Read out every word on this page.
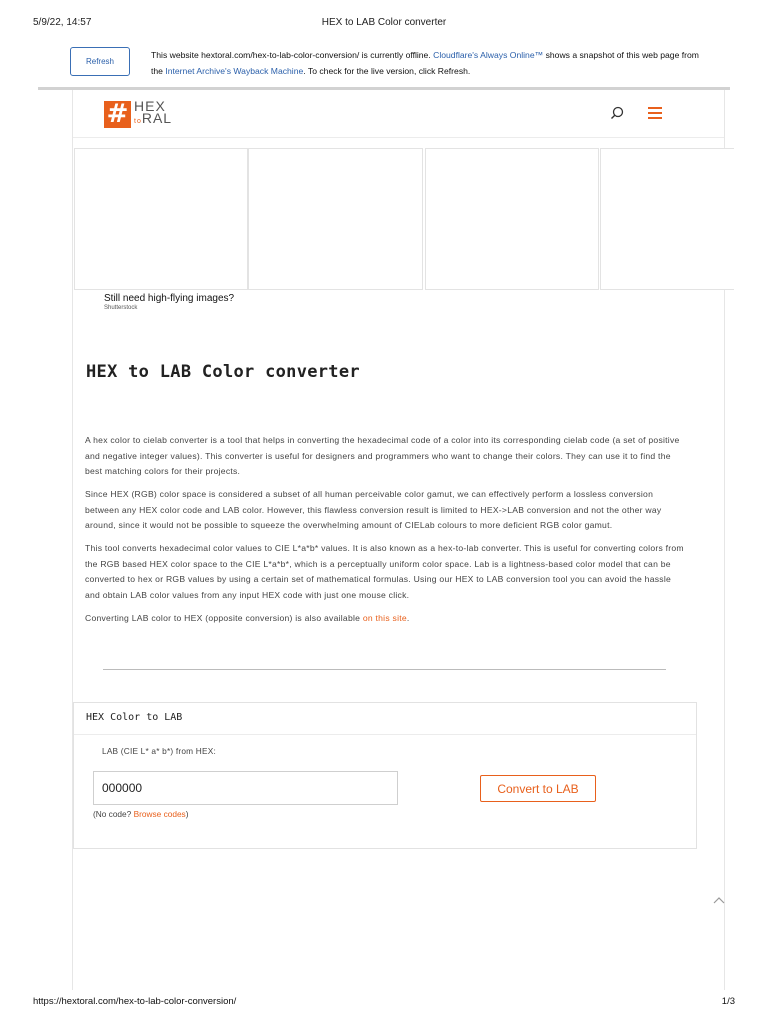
5/9/22, 14:57	HEX to LAB Color converter
Refresh
This website hextoral.com/hex-to-lab-color-conversion/ is currently offline. Cloudflare's Always Online™ shows a snapshot of this web page from the Internet Archive's Wayback Machine. To check for the live version, click Refresh.
# HEX
toRAL
Still need high-flying images?
Shutterstock
HEX to LAB Color converter

A hex color to cielab converter is a tool that helps in converting the hexadecimal code of a color into its corresponding cielab code (a set of positive and negative integer values). This converter is useful for designers and programmers who want to change their colors. They can use it to find the best matching colors for their projects.

Since HEX (RGB) color space is considered a subset of all human perceivable color gamut, we can effectively perform a lossless conversion between any HEX color code and LAB color. However, this flawless conversion result is limited to HEX->LAB conversion and not the other way around, since it would not be possible to squeeze the overwhelming amount of CIELab colours to more deficient RGB color gamut.

This tool converts hexadecimal color values to CIE L*a*b* values. It is also known as a hex-to-lab converter. This is useful for converting colors from the RGB based HEX color space to the CIE L*a*b*, which is a perceptually uniform color space. Lab is a lightness-based color model that can be converted to hex or RGB values by using a certain set of mathematical formulas. Using our HEX to LAB conversion tool you can avoid the hassle and obtain LAB color values from any input HEX code with just one mouse click.

Converting LAB color to HEX (opposite conversion) is also available on this site.

HEX Color to LAB
LAB (CIE L* a* b*) from HEX:
000000
Convert to LAB
(No code? Browse codes)
https://hextoral.com/hex-to-lab-color-conversion/	1/3
